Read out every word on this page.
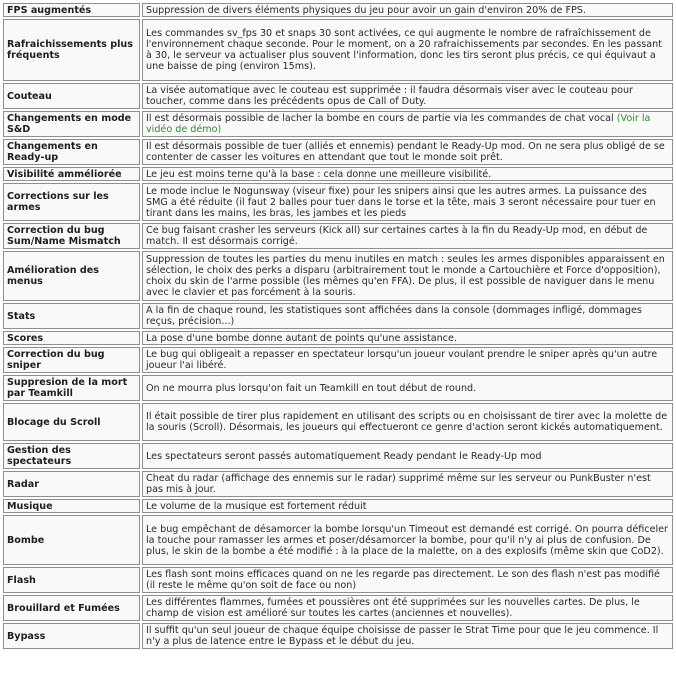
FPS augmentés	Suppression de divers éléments physiques du jeu pour avoir un gain d'environ 20% de FPS.
Rafraichissements plus fréquents	Les commandes sv_fps 30 et snaps 30 sont activées, ce qui augmente le nombre de rafraîchissement de l'environnement chaque seconde. Pour le moment, on a 20 rafraichissements par secondes. En les passant à 30, le serveur va actualiser plus souvent l'information, donc les tirs seront plus précis, ce qui équivaut a une baisse de ping (environ 15ms).
Couteau	La visée automatique avec le couteau est supprimée : il faudra désormais viser avec le couteau pour toucher, comme dans les précédents opus de Call of Duty.
Changements en mode S&D	Il est désormais possible de lacher la bombe en cours de partie via les commandes de chat vocal (Voir la vidéo de démo)
Changements en Ready-up	Il est désormais possible de tuer (alliés et ennemis) pendant le Ready-Up mod. On ne sera plus obligé de se contenter de casser les voitures en attendant que tout le monde soit prêt.
Visibilité amméliorée	Le jeu est moins terne qu'à la base : cela donne une meilleure visibilité.
Corrections sur les armes	Le mode inclue le Nogunsway (viseur fixe) pour les snipers ainsi que les autres armes. La puissance des SMG a été réduite (il faut 2 balles pour tuer dans le torse et la tête, mais 3 seront nécessaire pour tuer en tirant dans les mains, les bras, les jambes et les pieds
Correction du bug Sum/Name Mismatch	Ce bug faisant crasher les serveurs (Kick all) sur certaines cartes à la fin du Ready-Up mod, en début de match. Il est désormais corrigé.
Amélioration des menus	Suppression de toutes les parties du menu inutiles en match : seules les armes disponibles apparaissent en sélection, le choix des perks a disparu (arbitrairement tout le monde a Cartouchière et Force d'opposition), choix du skin de l'arme possible (les mêmes qu'en FFA). De plus, il est possible de naviguer dans le menu avec le clavier et pas forcément à la souris.
Stats	A la fin de chaque round, les statistiques sont affichées dans la console (dommages infligé, dommages reçus, précision...)
Scores	La pose d'une bombe donne autant de points qu'une assistance.
Correction du bug sniper	Le bug qui obligeait a repasser en spectateur lorsqu'un joueur voulant prendre le sniper après qu'un autre joueur l'ai libéré.
Suppresion de la mort par Teamkill	On ne mourra plus lorsqu'on fait un Teamkill en tout début de round.
Blocage du Scroll	Il était possible de tirer plus rapidement en utilisant des scripts ou en choisissant de tirer avec la molette de la souris (Scroll). Désormais, les joueurs qui effectueront ce genre d'action seront kickés automatiquement.
Gestion des spectateurs	Les spectateurs seront passés automatiquement Ready pendant le Ready-Up mod
Radar	Cheat du radar (affichage des ennemis sur le radar) supprimé même sur les serveur ou PunkBuster n'est pas mis à jour.
Musique	Le volume de la musique est fortement réduit
Bombe	Le bug empêchant de désamorcer la bombe lorsqu'un Timeout est demandé est corrigé. On pourra déficeler la touche pour ramasser les armes et poser/désamorcer la bombe, pour qu'il n'y ai plus de confusion. De plus, le skin de la bombe a été modifié : à la place de la malette, on a des explosifs (même skin que CoD2).
Flash	Les flash sont moins efficaces quand on ne les regarde pas directement. Le son des flash n'est pas modifié (il reste le même qu'on soit de face ou non)
Brouillard et Fumées	Les différentes flammes, fumées et poussières ont été supprimées sur les nouvelles cartes. De plus, le champ de vision est amélioré sur toutes les cartes (anciennes et nouvelles).
Bypass	Il suffit qu'un seul joueur de chaque équipe choisisse de passer le Strat Time pour que le jeu commence. Il n'y a plus de latence entre le Bypass et le début du jeu.
